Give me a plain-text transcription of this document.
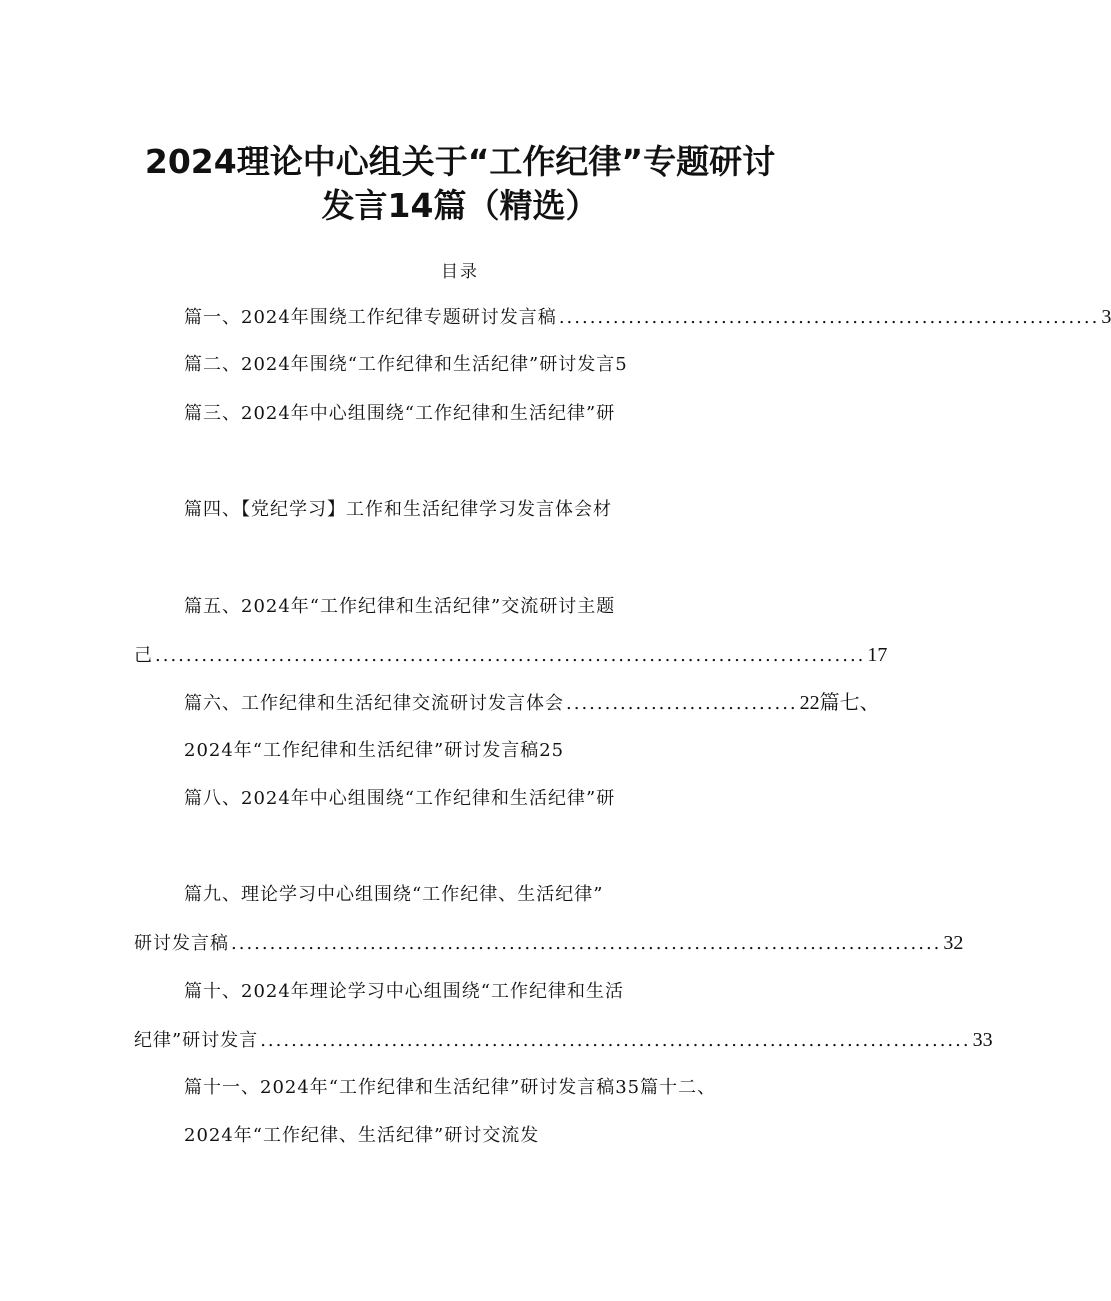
2024理论中心组关于“工作纪律”专题研讨
发言14篇（精选）
目录
篇一、2024年围绕工作纪律专题研讨发言稿 ...................................................................... 3
篇二、2024年围绕“工作纪律和生活纪律”研讨发言5
篇三、2024年中心组围绕“工作纪律和生活纪律”研
篇四、【党纪学习】工作和生活纪律学习发言体会材
篇五、2024年“工作纪律和生活纪律”交流研讨主题
己 ............................................................................................ 17
篇六、工作纪律和生活纪律交流研讨发言体会 .............................. 22篇七、
2024年“工作纪律和生活纪律”研讨发言稿25
篇八、2024年中心组围绕“工作纪律和生活纪律”研
篇九、理论学习中心组围绕“工作纪律、生活纪律”
研讨发言稿 ............................................................................................ 32
篇十、2024年理论学习中心组围绕“工作纪律和生活
纪律”研讨发言 ............................................................................................ 33
篇十一、2024年“工作纪律和生活纪律”研讨发言稿35篇十二、
2024年“工作纪律、生活纪律”研讨交流发
